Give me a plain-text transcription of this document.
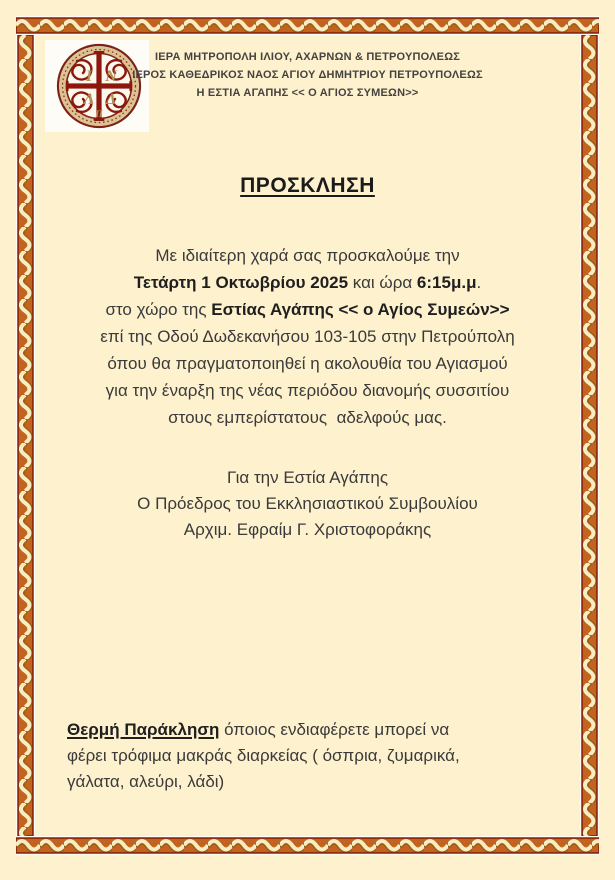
Ι Ν
Λ Δ
Π
ΙΕΡΑ ΜΗΤΡΟΠΟΛΗ ΙΛΙΟΥ, ΑΧΑΡΝΩΝ & ΠΕΤΡΟΥΠΟΛΕΩΣ
ΙΕΡΟΣ ΚΑΘΕΔΡΙΚΟΣ ΝΑΟΣ ΑΓΙΟΥ ΔΗΜΗΤΡΙΟΥ ΠΕΤΡΟΥΠΟΛΕΩΣ
Η ΕΣΤΙΑ ΑΓΑΠΗΣ << Ο ΑΓΙΟΣ ΣΥΜΕΩΝ>>
ΠΡΟΣΚΛΗΣΗ
Με ιδιαίτερη χαρά σας προσκαλούμε την
Τετάρτη 1 Οκτωβρίου 2025 και ώρα 6:15μ.μ.
στο χώρο της Εστίας Αγάπης << ο Αγίος Συμεών>>
επί της Οδού Δωδεκανήσου 103-105 στην Πετρούπολη
όπου θα πραγματοποιηθεί η ακολουθία του Αγιασμού
για την έναρξη της νέας περιόδου διανομής συσσιτίου
στους εμπερίστατους  αδελφούς μας.
Για την Εστία Αγάπης
Ο Πρόεδρος του Εκκλησιαστικού Συμβουλίου
Αρχιμ. Εφραίμ Γ. Χριστοφοράκης
Θερμή Παράκληση όποιος ενδιαφέρετε μπορεί να
φέρει τρόφιμα μακράς διαρκείας ( όσπρια, ζυμαρικά,
γάλατα, αλεύρι, λάδι)
